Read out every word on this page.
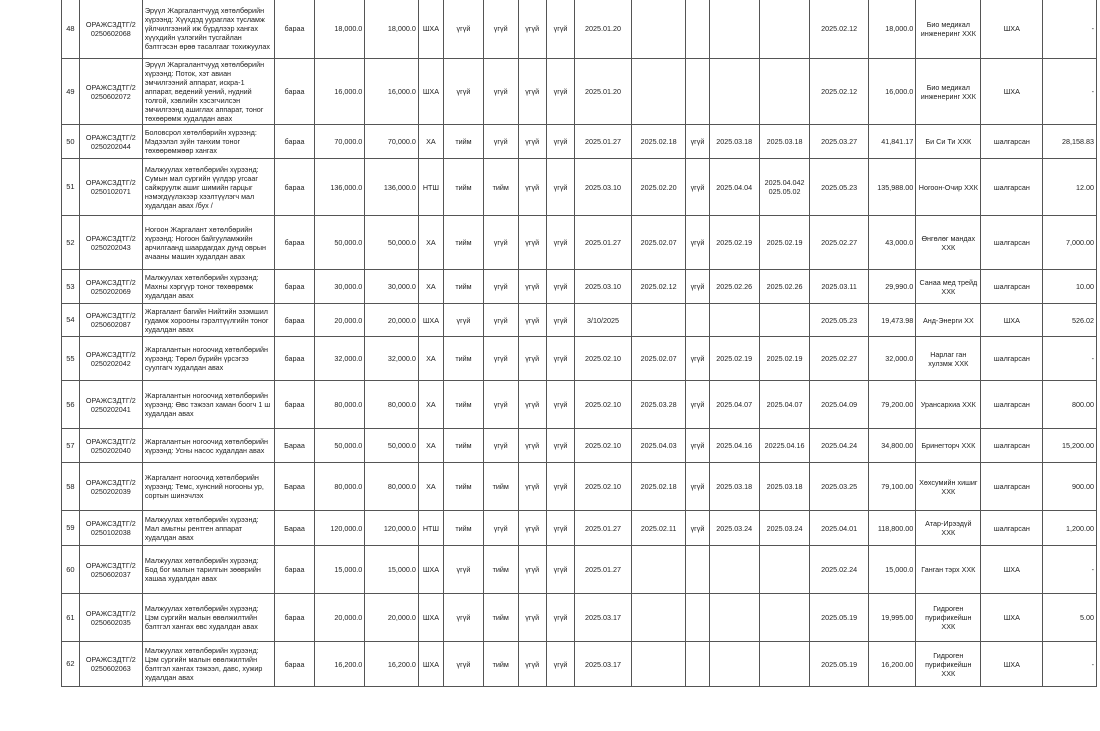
48	ОРАЖСЗДТГ/2 0250602068	Эрүүл Жаргалантчууд хөтөлбөрийн хүрээнд: Хүүхдэд уураглах тусламж үйлчилгээний иж бүрдлээр хангах хүүхдийн үзлэгийн тусгайлан бэлтгэсэн өрөө тасалгааг тохижуулах	бараа	18,000.0	18,000.0	ШХА	үгүй	үгүй	үгүй	үгүй	2025.01.20					2025.02.12	18,000.0	Био медикал инженеринг ХХК	ШХА	-
49	ОРАЖСЗДТГ/2 0250602072	Эрүүл Жаргалантчууд хөтөлбөрийн хүрээнд: Поток, хэт авиан эмчилгээний аппарат, искра-1 аппарат, ведений уений, нудний толгой, хэвлийн хэсэгчилсэн эмчилгээнд ашиглах аппарат, тоног төхөөрөмж худалдан авах	бараа	16,000.0	16,000.0	ШХА	үгүй	үгүй	үгүй	үгүй	2025.01.20					2025.02.12	16,000.0	Био медикал инженеринг ХХК	ШХА	-
50	ОРАЖСЗДТГ/2 0250202044	Боловсрол хөтөлбөрийн хүрээнд: Мэдээлэл зүйн танхим тоног төхөөрөмжөөр хангах	бараа	70,000.0	70,000.0	ХА	тийм	үгүй	үгүй	үгүй	2025.01.27	2025.02.18	үгүй	2025.03.18	2025.03.18	2025.03.27	41,841.17	Би Си Ти ХХК	шалгарсан	28,158.83
51	ОРАЖСЗДТГ/2 0250102071	Малжуулах хөтөлбөрийн хүрээнд: Сумын мал сургийн үүлдэр угсааг сайжруулж ашиг шимийн гарцыг нэмэгдүүлэхээр хээлтүүлэгч мал худалдан авах /бух /	бараа	136,000.0	136,000.0	НТШ	тийм	тийм	үгүй	үгүй	2025.03.10	2025.02.20	үгүй	2025.04.04	2025.04.042 025.05.02	2025.05.23	135,988.00	Ногоон-Очир ХХК	шалгарсан	12.00
52	ОРАЖСЗДТГ/2 0250202043	Ногоон Жаргалант хөтөлбөрийн хүрээнд: Ногоон байгууламжийн арчилгаанд шаардагдах дунд оврын ачааны машин худалдан авах	бараа	50,000.0	50,000.0	ХА	тийм	үгүй	үгүй	үгүй	2025.01.27	2025.02.07	үгүй	2025.02.19	2025.02.19	2025.02.27	43,000.0	Өнгөлөг мандах ХХК	шалгарсан	7,000.00
53	ОРАЖСЗДТГ/2 0250202069	Малжуулах хөтөлбөрийн хүрээнд: Махны хэргүүр тоног төхөөрөмж худалдан авах	бараа	30,000.0	30,000.0	ХА	тийм	үгүй	үгүй	үгүй	2025.03.10	2025.02.12	үгүй	2025.02.26	2025.02.26	2025.03.11	29,990.0	Санаа мед трейд ХХК	шалгарсан	10.00
54	ОРАЖСЗДТГ/2 0250602087	Жаргалант багийн Нийтийн эзэмшил гудамж хорооны гэрэлтүүлгийн тоног худалдан авах	бараа	20,000.0	20,000.0	ШХА	үгүй	үгүй	үгүй	үгүй	3/10/2025					2025.05.23	19,473.98	Анд-Энерги ХХ	ШХА	526.02
55	ОРАЖСЗДТГ/2 0250202042	Жаргалантын ногоочид хөтөлбөрийн хүрээнд: Төрөл бүрийн үрсэгээ суулгагч худалдан авах	бараа	32,000.0	32,000.0	ХА	тийм	үгүй	үгүй	үгүй	2025.02.10	2025.02.07	үгүй	2025.02.19	2025.02.19	2025.02.27	32,000.0	Нарлаг ган хулзмж ХХК	шалгарсан	-
56	ОРАЖСЗДТГ/2 0250202041	Жаргалантын ногоочид хөтөлбөрийн хүрээнд: Өвс тэжээл хаман боогч 1 ш худалдан авах	бараа	80,000.0	80,000.0	ХА	тийм	үгүй	үгүй	үгүй	2025.02.10	2025.03.28	үгүй	2025.04.07	2025.04.07	2025.04.09	79,200.00	Урансархиа ХХК	шалгарсан	800.00
57	ОРАЖСЗДТГ/2 0250202040	Жаргалантын ногоочид хөтөлбөрийн хүрээнд: Усны насос худалдан авах	Бараа	50,000.0	50,000.0	ХА	тийм	үгүй	үгүй	үгүй	2025.02.10	2025.04.03	үгүй	2025.04.16	20225.04.16	2025.04.24	34,800.00	Бринегторч ХХК	шалгарсан	15,200.00
58	ОРАЖСЗДТГ/2 0250202039	Жаргалант ногоочид хөтөлбөрийн хүрээнд: Темс, хунсний ногооны ур, сортын шинэчлэх	Бараа	80,000.0	80,000.0	ХА	тийм	тийм	үгүй	үгүй	2025.02.10	2025.02.18	үгүй	2025.03.18	2025.03.18	2025.03.25	79,100.00	Хөхсумийн хишиг ХХК	шалгарсан	900.00
59	ОРАЖСЗДТГ/2 0250102038	Малжуулах хөтөлбөрийн хүрээнд: Мал амьтны рентген аппарат худалдан авах	Бараа	120,000.0	120,000.0	НТШ	тийм	үгүй	үгүй	үгүй	2025.01.27	2025.02.11	үгүй	2025.03.24	2025.03.24	2025.04.01	118,800.00	Атар-Ирээдүй ХХК	шалгарсан	1,200.00
60	ОРАЖСЗДТГ/2 0250602037	Малжуулах хөтөлбөрийн хүрээнд: Бод бог малын тарилгын зөөврийн хашаа худалдан авах	бараа	15,000.0	15,000.0	ШХА	үгүй	тийм	үгүй	үгүй	2025.01.27					2025.02.24	15,000.0	Ганган тэрх ХХК	ШХА	-
61	ОРАЖСЗДТГ/2 0250602035	Малжуулах хөтөлбөрийн хүрээнд: Цэм сургийн малын өвөлжилтийн бэлтгэл хангах өвс худалдан авах	бараа	20,000.0	20,000.0	ШХА	үгүй	тийм	үгүй	үгүй	2025.03.17					2025.05.19	19,995.00	Гидроген пурификейшн ХХК	ШХА	5.00
62	ОРАЖСЗДТГ/2 0250602063	Малжуулах хөтөлбөрийн хүрээнд: Цэм сургийн малын өвөлжилтийн бэлтгэл хангах тэжээл, давс, хужир худалдан авах	бараа	16,200.0	16,200.0	ШХА	үгүй	тийм	үгүй	үгүй	2025.03.17					2025.05.19	16,200.00	Гидроген пурификейшн ХХК	ШХА	-
